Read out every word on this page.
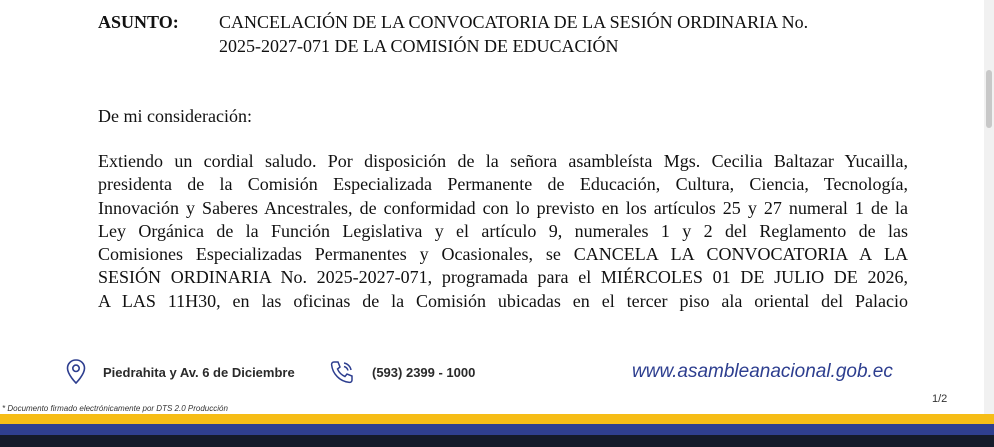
ASUNTO: CANCELACIÓN DE LA CONVOCATORIA DE LA SESIÓN ORDINARIA No.
2025-2027-071 DE LA COMISIÓN DE EDUCACIÓN
De mi consideración:
Extiendo un cordial saludo. Por disposición de la señora asambleísta Mgs. Cecilia Baltazar Yucailla,
presidenta de la Comisión Especializada Permanente de Educación, Cultura, Ciencia, Tecnología,
Innovación y Saberes Ancestrales, de conformidad con lo previsto en los artículos 25 y 27 numeral 1 de la
Ley Orgánica de la Función Legislativa y el artículo 9, numerales 1 y 2 del Reglamento de las
Comisiones Especializadas Permanentes y Ocasionales, se CANCELA LA CONVOCATORIA A LA
SESIÓN ORDINARIA No. 2025-2027-071, programada para el MIÉRCOLES 01 DE JULIO DE 2026,
A LAS 11H30, en las oficinas de la Comisión ubicadas en el tercer piso ala oriental del Palacio
Piedrahita y Av. 6 de Diciembre	(593) 2399 - 1000	www.asambleanacional.gob.ec
* Documento firmado electrónicamente por DTS 2.0 Producción
1/2
